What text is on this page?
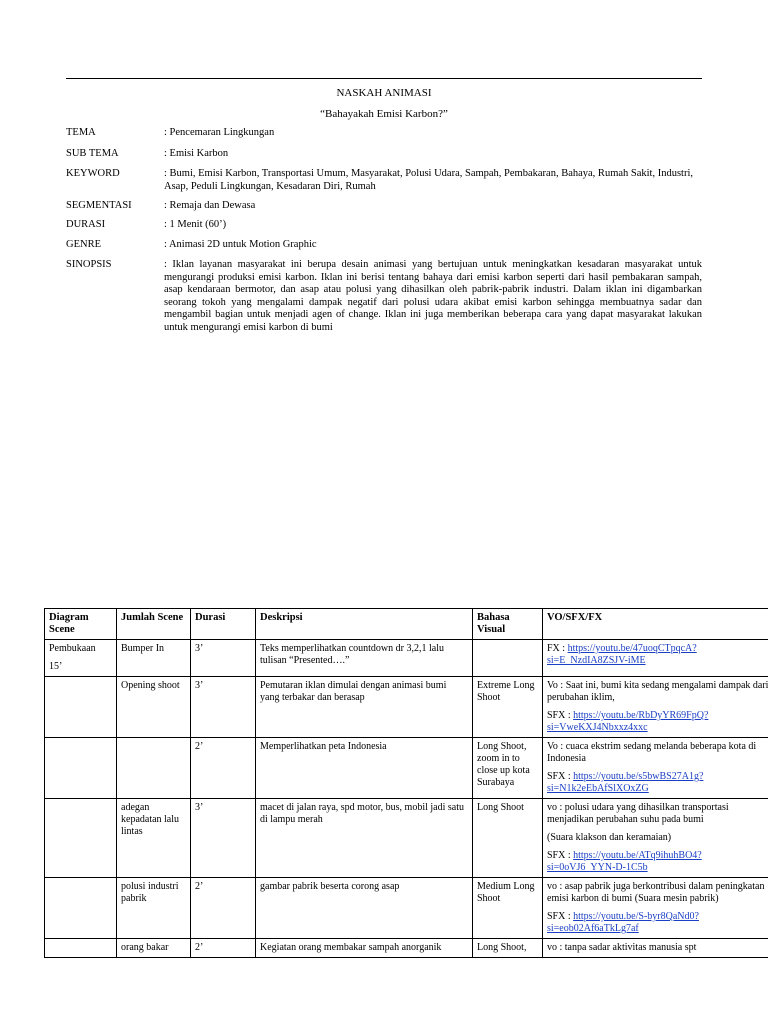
NASKAH ANIMASI
“Bahayakah Emisi Karbon?”
TEMA	: Pencemaran Lingkungan
SUB TEMA	: Emisi Karbon
KEYWORD	: Bumi, Emisi Karbon, Transportasi Umum, Masyarakat, Polusi Udara, Sampah, Pembakaran, Bahaya, Rumah Sakit, Industri, Asap, Peduli Lingkungan, Kesadaran Diri, Rumah
SEGMENTASI	: Remaja dan Dewasa
DURASI	: 1 Menit (60’)
GENRE	: Animasi 2D untuk Motion Graphic
SINOPSIS	: Iklan layanan masyarakat ini berupa desain animasi yang bertujuan untuk meningkatkan kesadaran masyarakat untuk mengurangi produksi emisi karbon. Iklan ini berisi tentang bahaya dari emisi karbon seperti dari hasil pembakaran sampah, asap kendaraan bermotor, dan asap atau polusi yang dihasilkan oleh pabrik-pabrik industri. Dalam iklan ini digambarkan seorang tokoh yang mengalami dampak negatif dari polusi udara akibat emisi karbon sehingga membuatnya sadar dan mengambil bagian untuk menjadi agen of change. Iklan ini juga memberikan beberapa cara yang dapat masyarakat lakukan untuk mengurangi emisi karbon di bumi
Diagram Scene	Jumlah Scene	Durasi	Deskripsi	Bahasa Visual	VO/SFX/FX

Pembukaan
15’	Bumper In	3’	Teks memperlihatkan countdown dr 3,2,1 lalu tulisan “Presented….”		FX : https://youtu.be/47uoqCTpqcA?si=E_NzdIA8ZSJV-iME

	Opening shoot	3’	Pemutaran iklan dimulai dengan animasi bumi yang terbakar dan berasap	Extreme Long Shoot	Vo : Saat ini, bumi kita sedang mengalami dampak dari perubahan iklim,

SFX : https://youtu.be/RbDyYR69FpQ?si=VweKXJ4Nbxxz4xxc

		2’	Memperlihatkan peta Indonesia	Long Shoot, zoom in to close up kota Surabaya	Vo : cuaca ekstrim sedang melanda beberapa kota di Indonesia

SFX : https://youtu.be/s5bwBS27A1g?si=N1k2eEbAfSlXOxZG

	adegan kepadatan lalu lintas	3’	macet di jalan raya, spd motor, bus, mobil jadi satu di lampu merah	Long Shoot	vo : polusi udara yang dihasilkan transportasi menjadikan perubahan suhu pada bumi

(Suara klakson dan keramaian)

SFX : https://youtu.be/ATq9ihuhBO4?si=0oVJ6_YYN-D-1C5b

	polusi industri pabrik	2’	gambar pabrik beserta corong asap	Medium Long Shoot	vo : asap pabrik juga berkontribusi dalam peningkatan emisi karbon di bumi (Suara mesin pabrik)

SFX : https://youtu.be/S-byr8QaNd0?si=eob02Af6aTkLg7af

	orang bakar	2’	Kegiatan orang membakar sampah anorganik	Long Shoot,	vo : tanpa sadar aktivitas manusia spt
